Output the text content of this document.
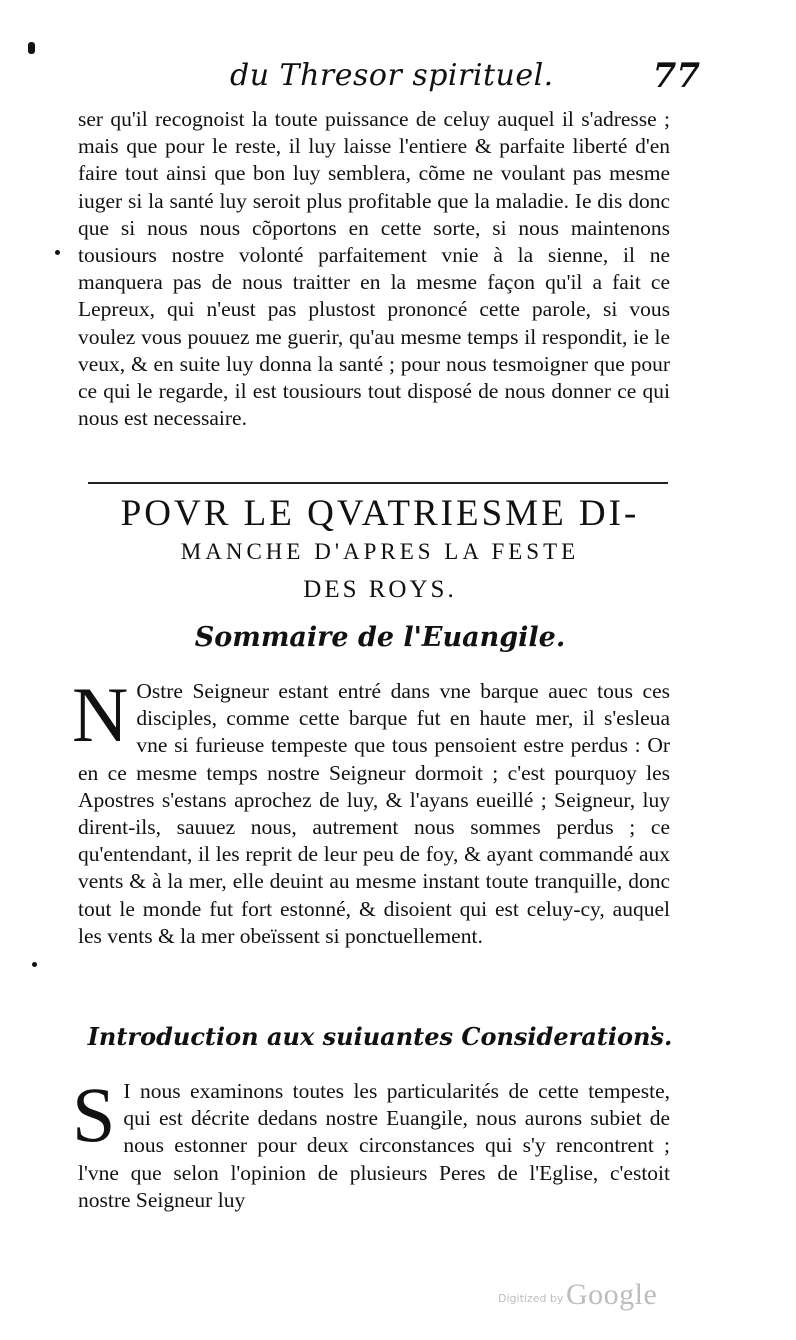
du Thresor spirituel.	77
ser qu'il recognoist la toute puissance de celuy auquel il s'adresse ; mais que pour le reste, il luy laisse l'entiere & parfaite liberté d'en faire tout ainsi que bon luy semblera, cõme ne voulant pas mesme iuger si la santé luy seroit plus profitable que la maladie. Ie dis donc que si nous nous cõportons en cette sorte, si nous maintenons tousiours nostre volonté parfaitement vnie à la sienne, il ne manquera pas de nous traitter en la mesme façon qu'il a fait ce Lepreux, qui n'eust pas plustost prononcé cette parole, si vous voulez vous pouuez me guerir, qu'au mesme temps il respondit, ie le veux, & en suite luy donna la santé ; pour nous tesmoigner que pour ce qui le regarde, il est tousiours tout disposé de nous donner ce qui nous est necessaire.
POVR LE QVATRIESME DI-
MANCHE D'APRES LA FESTE
DES ROYS.
Sommaire de l'Euangile.
N Ostre Seigneur estant entré dans vne barque auec tous ces disciples, comme cette barque fut en haute mer, il s'esleua vne si furieuse tempeste que tous pensoient estre perdus : Or en ce mesme temps nostre Seigneur dormoit ; c'est pourquoy les Apostres s'estans aprochez de luy, & l'ayans eueillé ; Seigneur, luy dirent-ils, sauuez nous, autrement nous sommes perdus ; ce qu'entendant, il les reprit de leur peu de foy, & ayant commandé aux vents & à la mer, elle deuint au mesme instant toute tranquille, donc tout le monde fut fort estonné, & disoient qui est celuy-cy, auquel les vents & la mer obeïssent si ponctuellement.
Introduction aux suiuantes Considerations.
S I nous examinons toutes les particularités de cette tempeste, qui est décrite dedans nostre Euangile, nous aurons subiet de nous estonner pour deux circonstances qui s'y rencontrent ; l'vne que selon l'opinion de plusieurs Peres de l'Eglise, c'estoit nostre Seigneur luy
Digitized by Google
